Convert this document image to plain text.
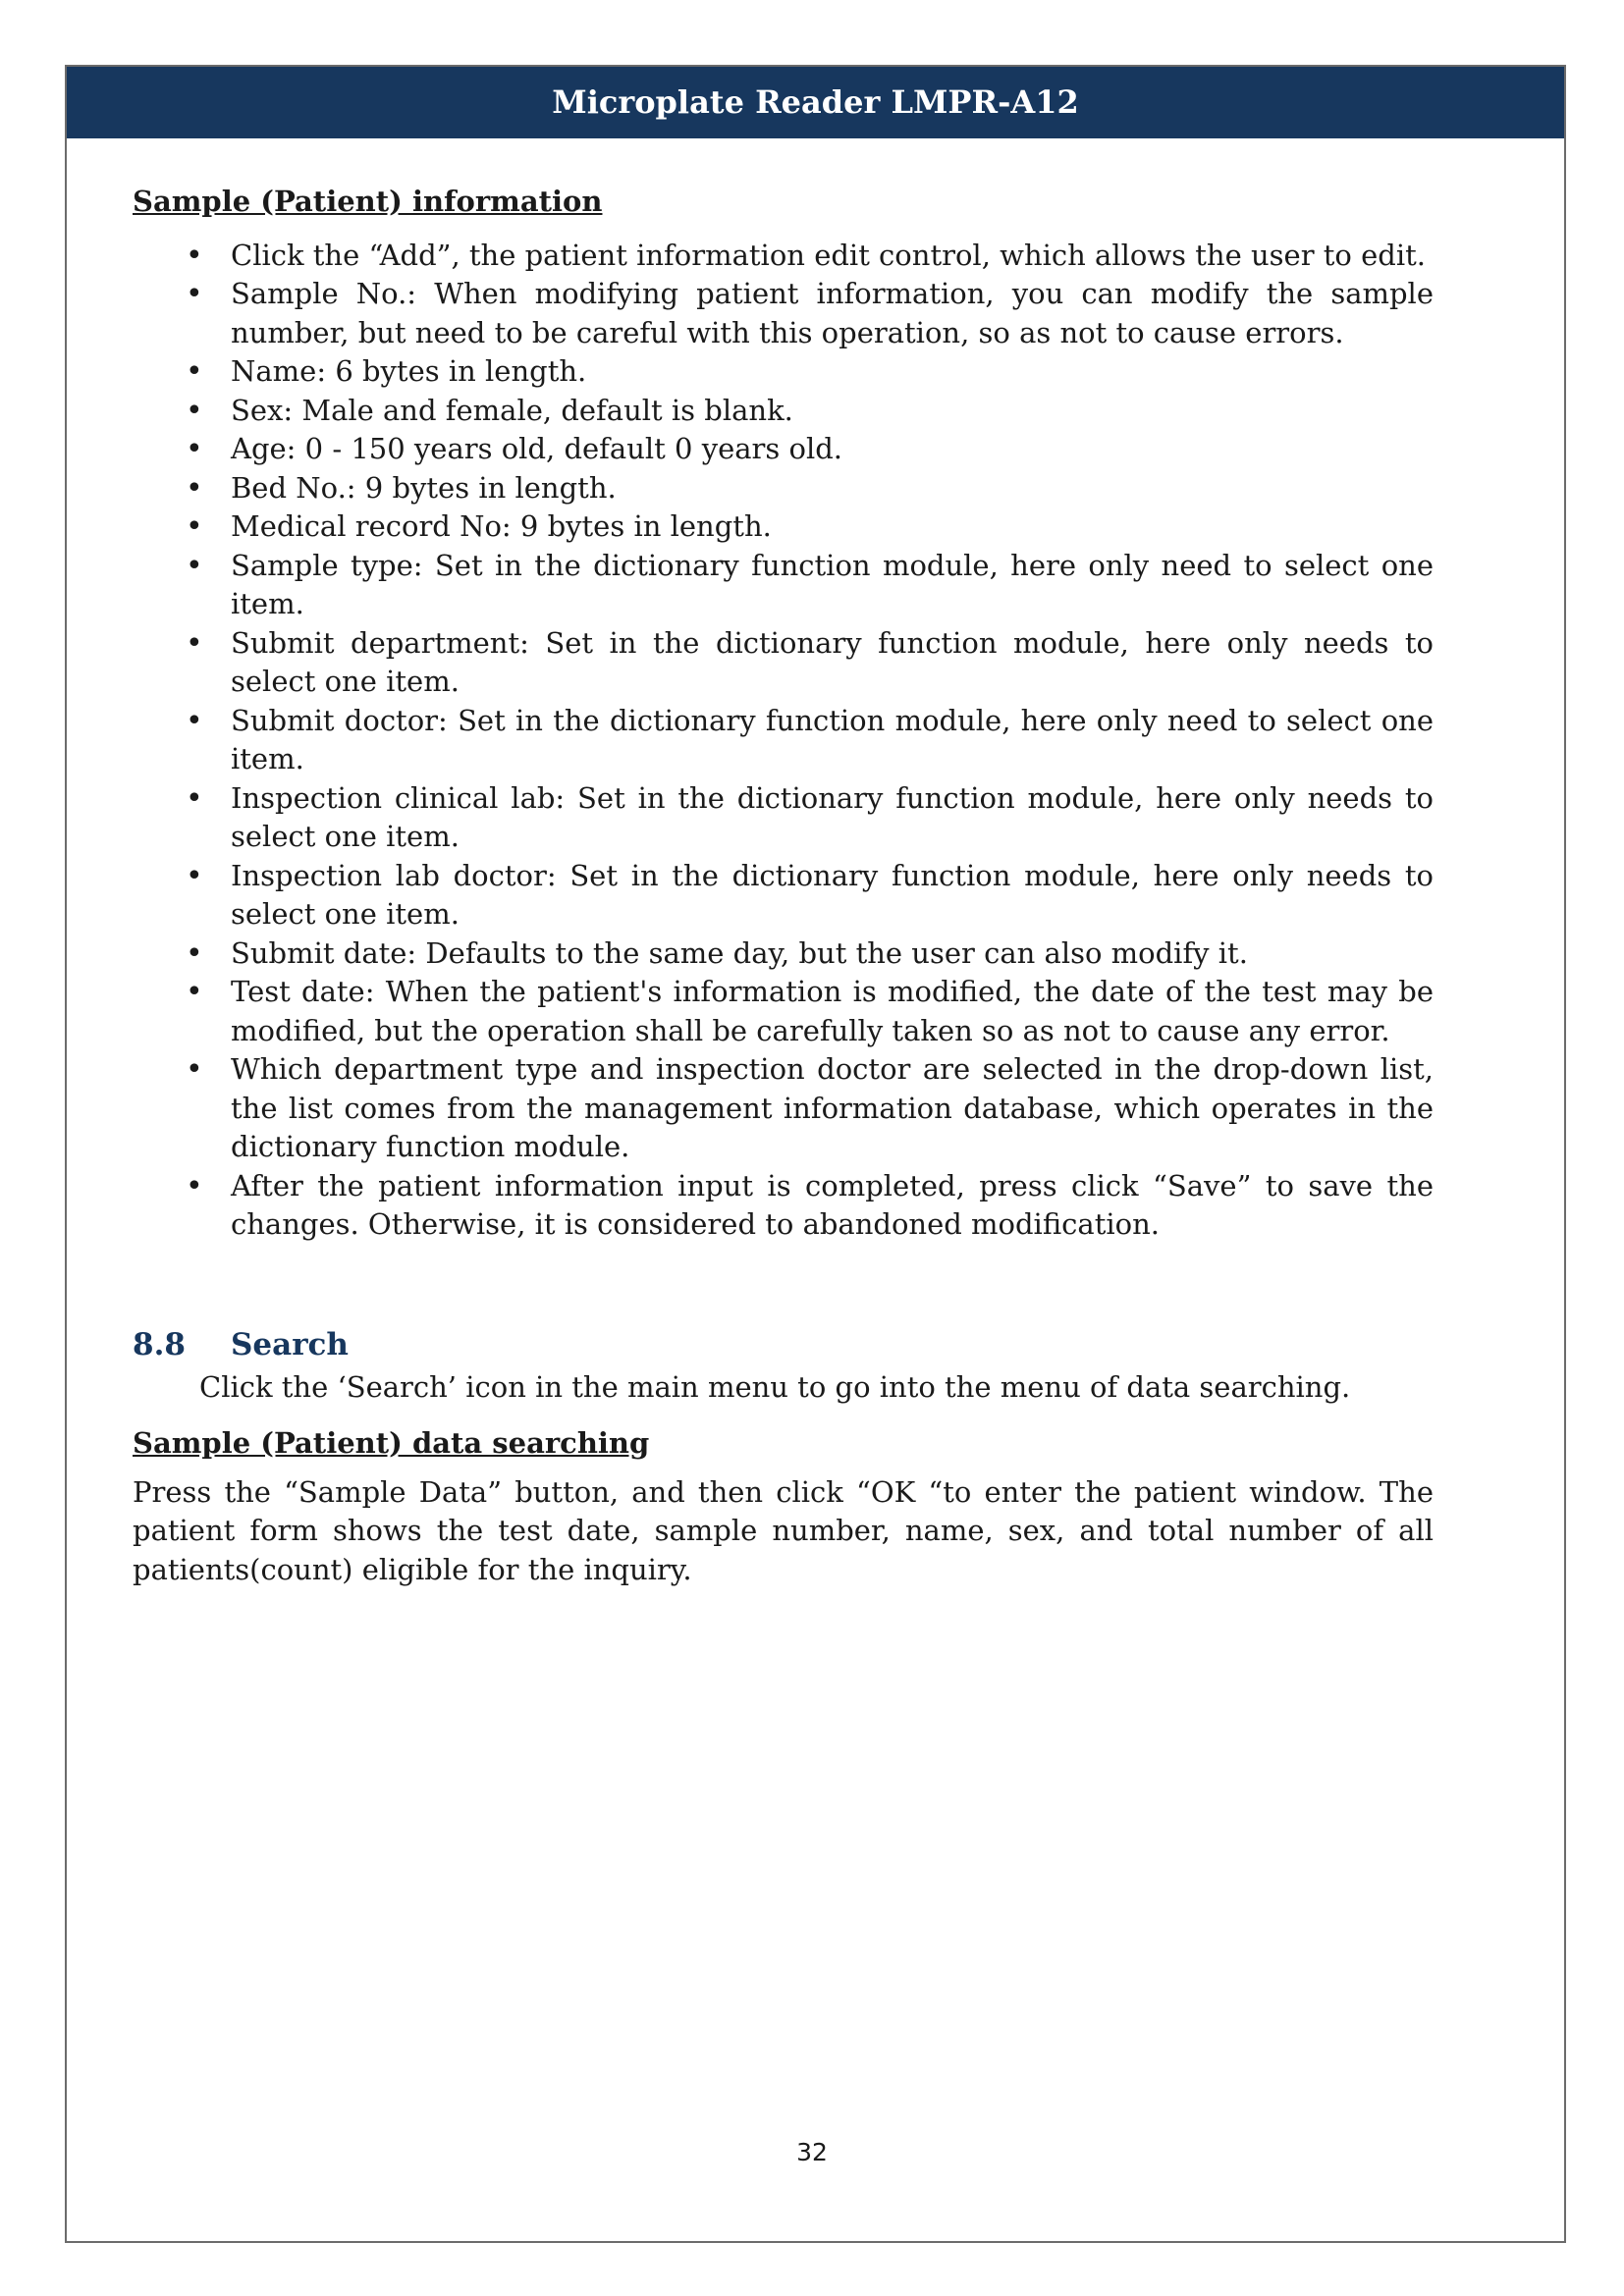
Microplate Reader LMPR-A12
Sample (Patient) information
• Click the “Add”, the patient information edit control, which allows the user to edit.
• Sample No.: When modifying patient information, you can modify the sample number, but need to be careful with this operation, so as not to cause errors.
• Name: 6 bytes in length.
• Sex: Male and female, default is blank.
• Age: 0 - 150 years old, default 0 years old.
• Bed No.: 9 bytes in length.
• Medical record No: 9 bytes in length.
• Sample type: Set in the dictionary function module, here only need to select one item.
• Submit department: Set in the dictionary function module, here only needs to select one item.
• Submit doctor: Set in the dictionary function module, here only need to select one item.
• Inspection clinical lab: Set in the dictionary function module, here only needs to select one item.
• Inspection lab doctor: Set in the dictionary function module, here only needs to select one item.
• Submit date: Defaults to the same day, but the user can also modify it.
• Test date: When the patient's information is modified, the date of the test may be modified, but the operation shall be carefully taken so as not to cause any error.
• Which department type and inspection doctor are selected in the drop-down list, the list comes from the management information database, which operates in the dictionary function module.
• After the patient information input is completed, press click “Save” to save the changes. Otherwise, it is considered to abandoned modification.
8.8	Search
Click the ‘Search’ icon in the main menu to go into the menu of data searching.
Sample (Patient) data searching
Press the “Sample Data” button, and then click “OK “to enter the patient window. The patient form shows the test date, sample number, name, sex, and total number of all patients(count) eligible for the inquiry.
32
